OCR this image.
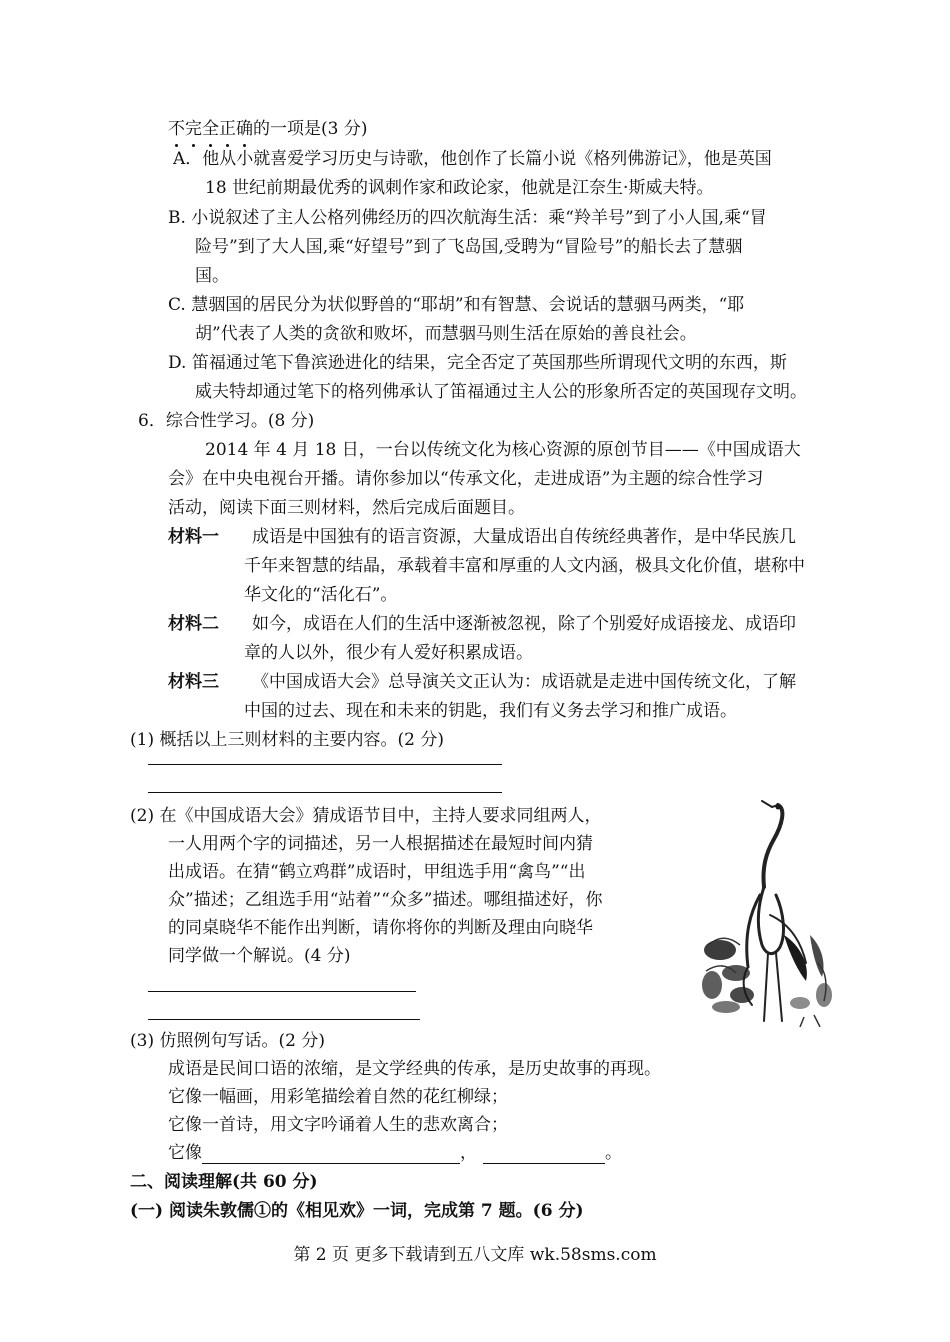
不完全正确的一项是(3 分)
A．他从小就喜爱学习历史与诗歌，他创作了长篇小说《格列佛游记》，他是英国
18 世纪前期最优秀的讽刺作家和政论家，他就是江奈生·斯威夫特。
B. 小说叙述了主人公格列佛经历的四次航海生活：乘“羚羊号”到了小人国,乘“冒
险号”到了大人国,乘“好望号”到了飞岛国,受聘为“冒险号”的船长去了慧骃
国。
C. 慧骃国的居民分为状似野兽的“耶胡”和有智慧、会说话的慧骃马两类，“耶
胡”代表了人类的贪欲和败坏，而慧骃马则生活在原始的善良社会。
D. 笛福通过笔下鲁滨逊进化的结果，完全否定了英国那些所谓现代文明的东西，斯
威夫特却通过笔下的格列佛承认了笛福通过主人公的形象所否定的英国现存文明。
6．综合性学习。(8 分)
2014 年 4 月 18 日，一台以传统文化为核心资源的原创节目——《中国成语大
会》在中央电视台开播。请你参加以“传承文化，走进成语”为主题的综合性学习
活动，阅读下面三则材料，然后完成后面题目。
材料一 成语是中国独有的语言资源，大量成语出自传统经典著作，是中华民族几
千年来智慧的结晶，承载着丰富和厚重的人文内涵，极具文化价值，堪称中
华文化的“活化石”。
材料二 如今，成语在人们的生活中逐渐被忽视，除了个别爱好成语接龙、成语印
章的人以外，很少有人爱好积累成语。
材料三 《中国成语大会》总导演关文正认为：成语就是走进中国传统文化，了解
中国的过去、现在和未来的钥匙，我们有义务去学习和推广成语。
(1) 概括以上三则材料的主要内容。(2 分)
(2) 在《中国成语大会》猜成语节目中，主持人要求同组两人，
一人用两个字的词描述，另一人根据描述在最短时间内猜
出成语。在猜“鹤立鸡群”成语时，甲组选手用“禽鸟”“出
众”描述；乙组选手用“站着”“众多”描述。哪组描述好，你
的同桌晓华不能作出判断，请你将你的判断及理由向晓华
同学做一个解说。(4 分)
(3) 仿照例句写话。(2 分)
成语是民间口语的浓缩，是文学经典的传承，是历史故事的再现。
它像一幅画，用彩笔描绘着自然的花红柳绿；
它像一首诗，用文字吟诵着人生的悲欢离合；
它像	，	。
二、阅读理解(共 60 分)
(一) 阅读朱敦儒①的《相见欢》一词，完成第 7 题。(6 分)
第 2 页 更多下载请到五八文库 wk.58sms.com
